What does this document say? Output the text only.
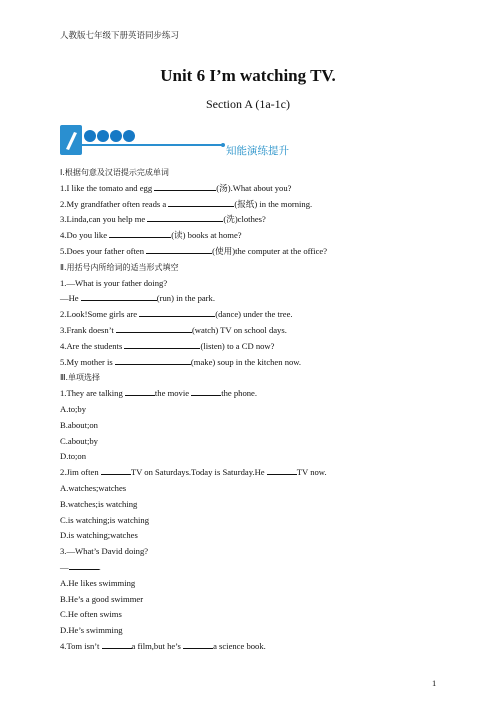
人教版七年级下册英语同步练习
Unit 6 I’m watching TV.
Section A (1a-1c)
知能演练提升
Ⅰ.根据句意及汉语提示完成单词
1.I like the tomato and egg	(汤).What about you?
2.My grandfather often reads a	(报纸) in the morning.
3.Linda,can you help me	(洗)clothes?
4.Do you like	(读) books at home?
5.Does your father often	(使用)the computer at the office?
Ⅱ.用括号内所给词的适当形式填空
1.—What is your father doing?
—He	(run) in the park.
2.Look!Some girls are	(dance) under the tree.
3.Frank doesn’t	(watch) TV on school days.
4.Are the students	(listen) to a CD now?
5.My mother is	(make) soup in the kitchen now.
Ⅲ.单项选择
1.They are talking	the movie	the phone.
A.to;by
B.about;on
C.about;by
D.to;on
2.Jim often	TV on Saturdays.Today is Saturday.He	TV now.
A.watches;watches
B.watches;is watching
C.is watching;is watching
D.is watching;watches
3.—What’s David doing?
—	.
A.He likes swimming
B.He’s a good swimmer
C.He often swims
D.He’s swimming
4.Tom isn’t	a film,but he’s	a science book.
1
